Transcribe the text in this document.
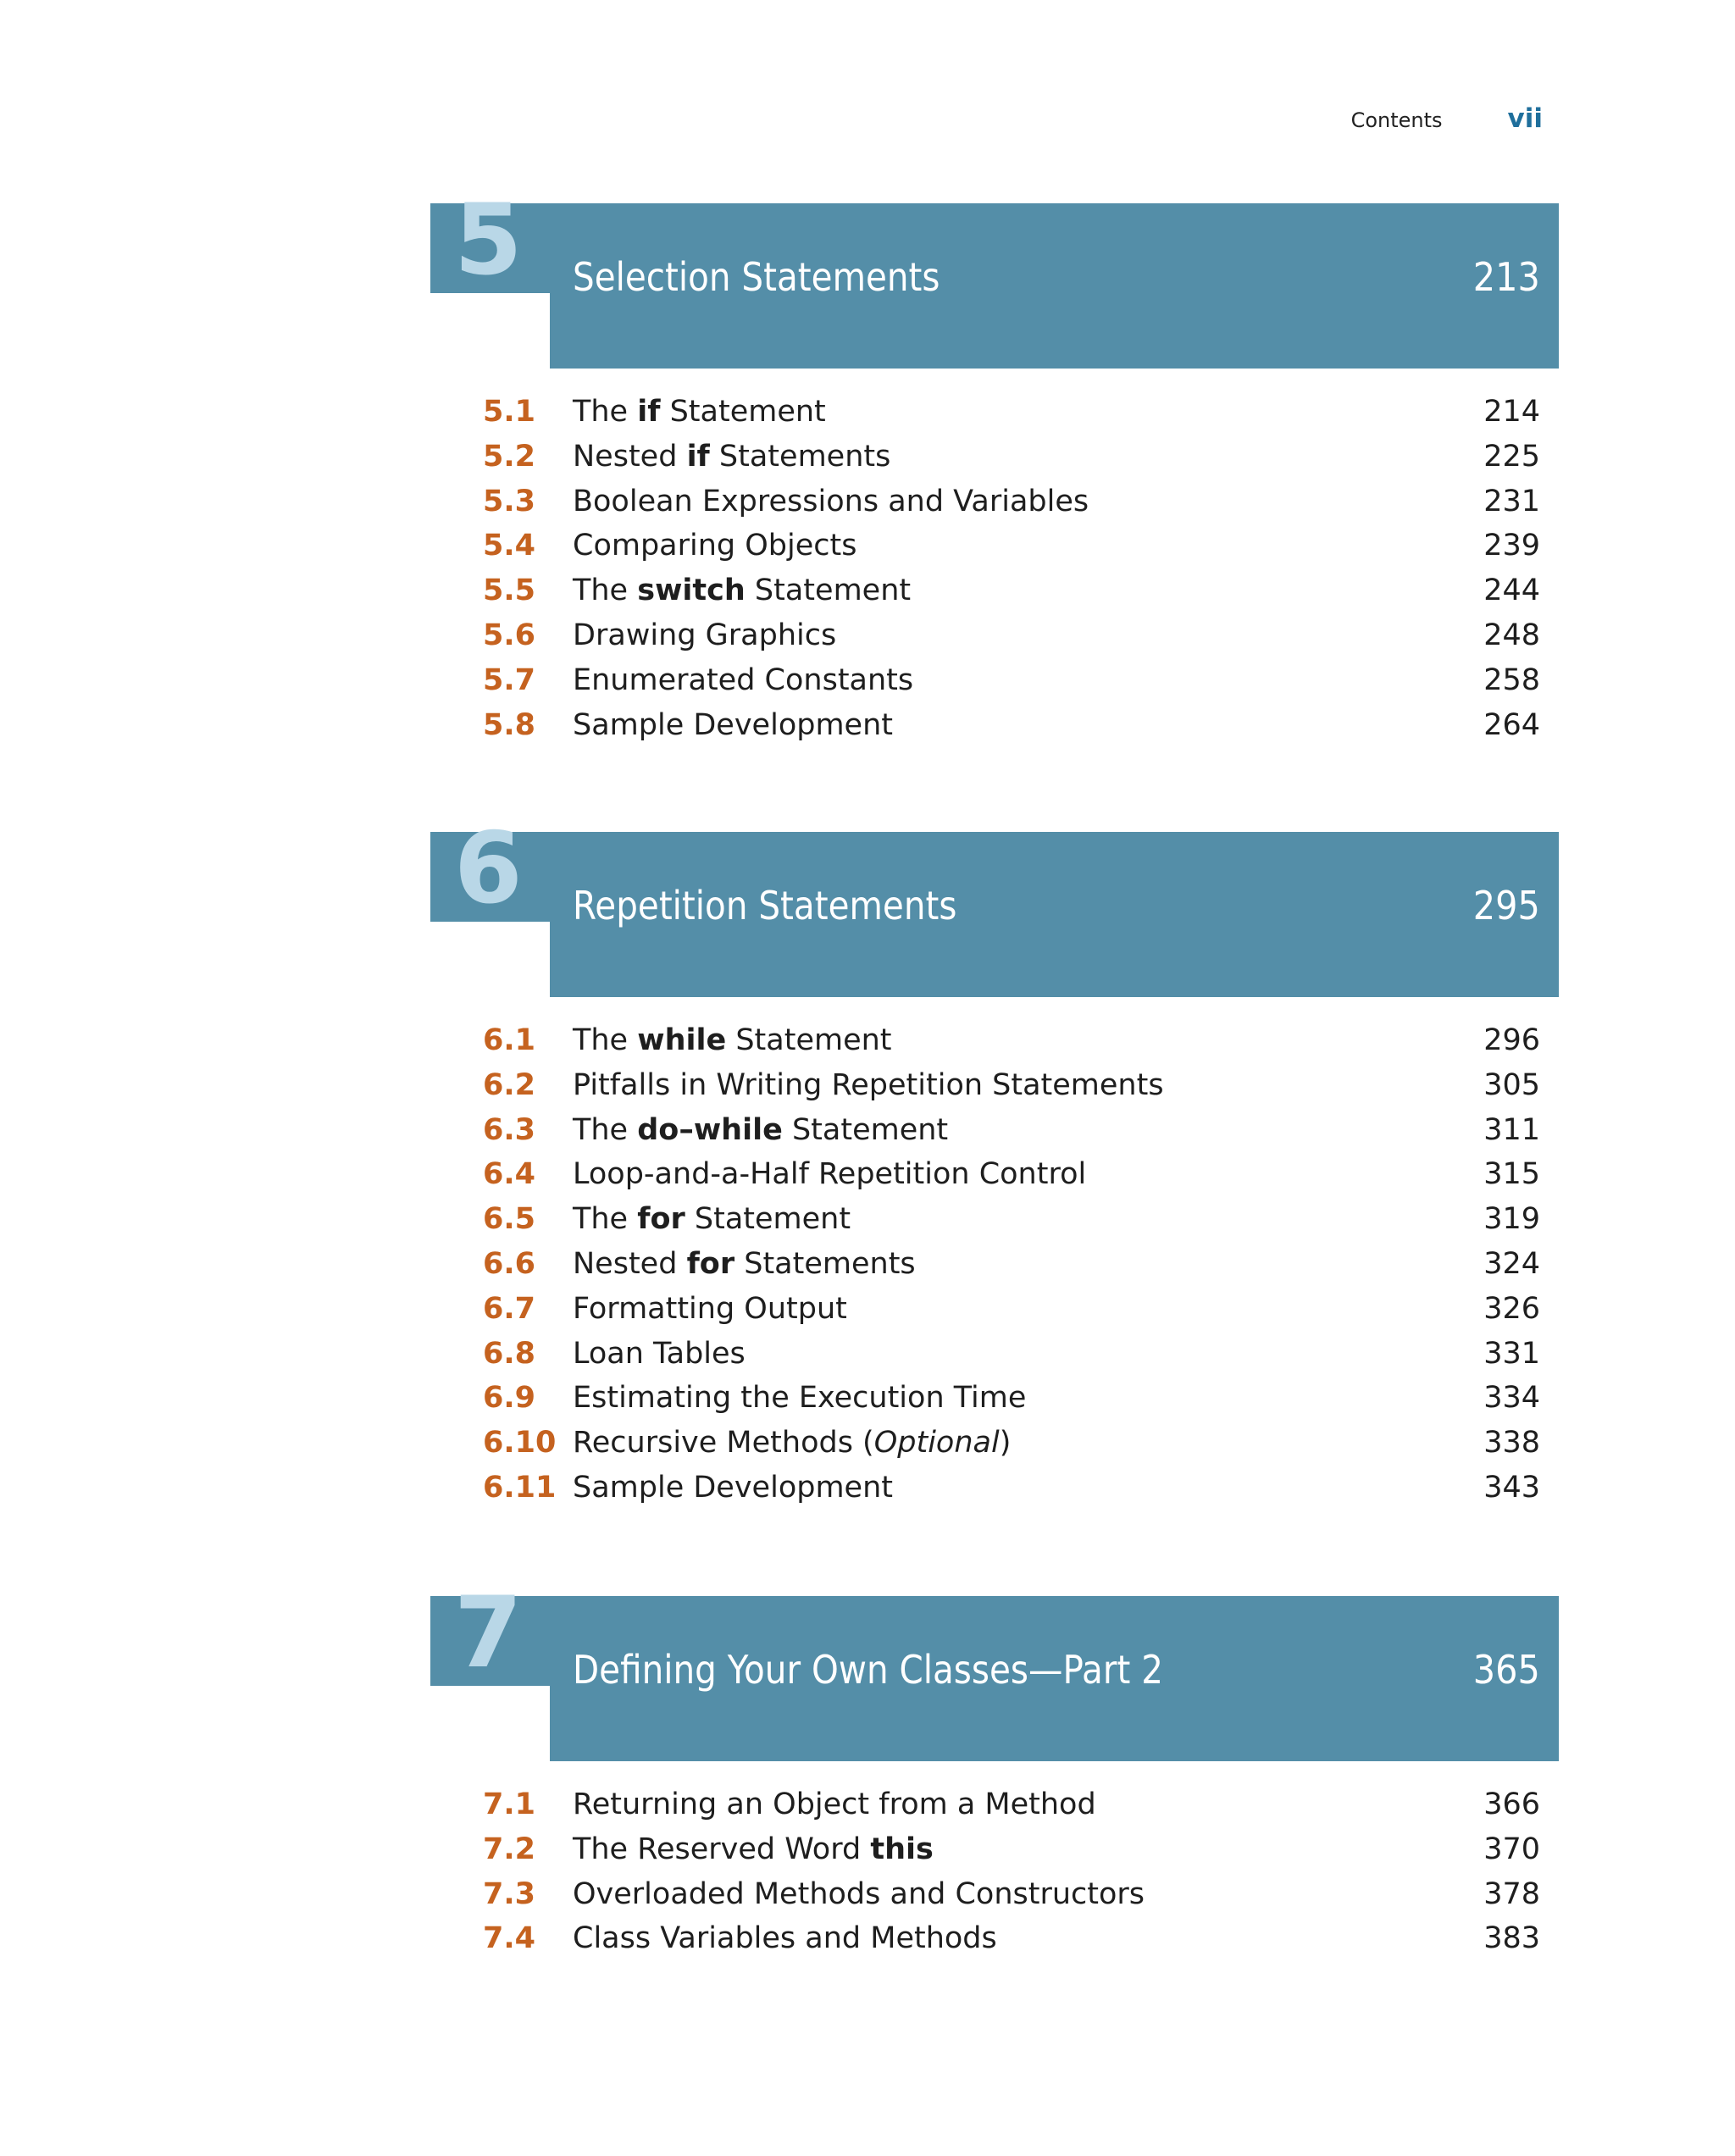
Contents vii
5 Selection Statements	213
5.1 The if Statement	214
5.2 Nested if Statements	225
5.3 Boolean Expressions and Variables	231
5.4 Comparing Objects	239
5.5 The switch Statement	244
5.6 Drawing Graphics	248
5.7 Enumerated Constants	258
5.8 Sample Development	264
6 Repetition Statements	295
6.1 The while Statement	296
6.2 Pitfalls in Writing Repetition Statements	305
6.3 The do–while Statement	311
6.4 Loop-and-a-Half Repetition Control	315
6.5 The for Statement	319
6.6 Nested for Statements	324
6.7 Formatting Output	326
6.8 Loan Tables	331
6.9 Estimating the Execution Time	334
6.10 Recursive Methods (Optional)	338
6.11 Sample Development	343
7 Defining Your Own Classes—Part 2	365
7.1 Returning an Object from a Method	366
7.2 The Reserved Word this	370
7.3 Overloaded Methods and Constructors	378
7.4 Class Variables and Methods	383
